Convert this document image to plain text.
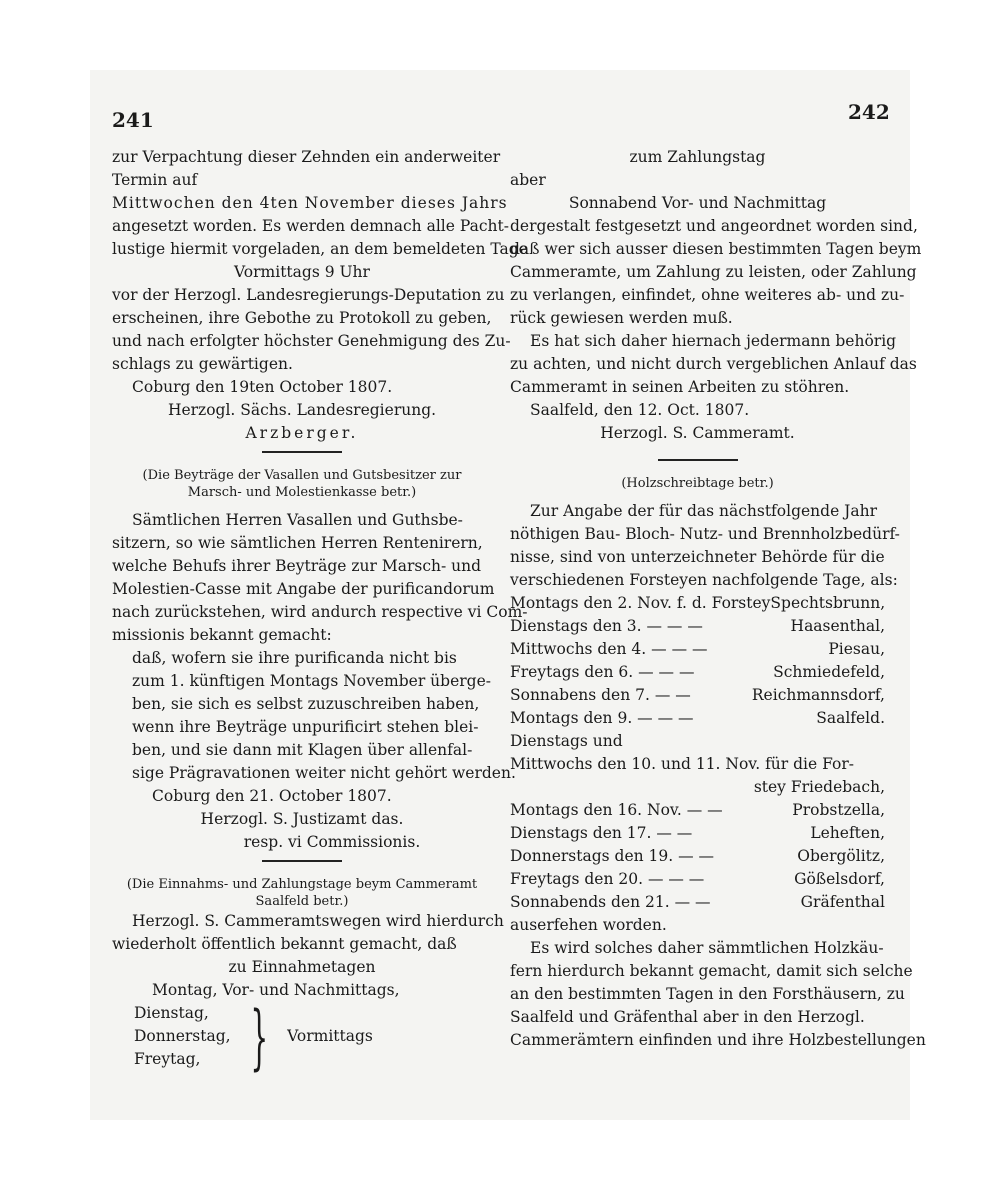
241	242
zur Verpachtung dieser Zehnden ein anderweiter
Termin auf
Mittwochen den 4ten November dieses Jahrs
angesetzt worden. Es werden demnach alle Pacht-
lustige hiermit vorgeladen, an dem bemeldeten Tage
Vormittags 9 Uhr
vor der Herzogl. Landesregierungs-Deputation zu
erscheinen, ihre Gebothe zu Protokoll zu geben,
und nach erfolgter höchster Genehmigung des Zu-
schlags zu gewärtigen.
Coburg den 19ten October 1807.
Herzogl. Sächs. Landesregierung.
Arzberger.
(Die Beyträge der Vasallen und Gutsbesitzer zur
Marsch- und Molestienkasse betr.)
Sämtlichen Herren Vasallen und Guthsbe-
sitzern, so wie sämtlichen Herren Rentenirern,
welche Behufs ihrer Beyträge zur Marsch- und
Molestien-Casse mit Angabe der purificandorum
nach zurückstehen, wird andurch respective vi Com-
missionis bekannt gemacht:
daß, wofern sie ihre purificanda nicht bis
zum 1. künftigen Montags November überge-
ben, sie sich es selbst zuzuschreiben haben,
wenn ihre Beyträge unpurificirt stehen blei-
ben, und sie dann mit Klagen über allenfal-
sige Prägravationen weiter nicht gehört werden.
Coburg den 21. October 1807.
Herzogl. S. Justizamt das.
resp. vi Commissionis.
(Die Einnahms- und Zahlungstage beym Cammeramt
Saalfeld betr.)
Herzogl. S. Cammeramtswegen wird hierdurch
wiederholt öffentlich bekannt gemacht, daß
zu Einnahmetagen
Montag, Vor- und Nachmittags,
Dienstag,
Donnerstag,
Freytag, } Vormittags
zum Zahlungstag
aber
Sonnabend Vor- und Nachmittag
dergestalt festgesetzt und angeordnet worden sind,
daß wer sich ausser diesen bestimmten Tagen beym
Cammeramte, um Zahlung zu leisten, oder Zahlung
zu verlangen, einfindet, ohne weiteres ab- und zu-
rück gewiesen werden muß.
Es hat sich daher hiernach jedermann behörig
zu achten, und nicht durch vergeblichen Anlauf das
Cammeramt in seinen Arbeiten zu stöhren.
Saalfeld, den 12. Oct. 1807.
Herzogl. S. Cammeramt.
(Holzschreibtage betr.)
Zur Angabe der für das nächstfolgende Jahr
nöthigen Bau- Bloch- Nutz- und Brennholzbedürf-
nisse, sind von unterzeichneter Behörde für die
verschiedenen Forsteyen nachfolgende Tage, als:
Montags den 2. Nov. f. d. Forstey Spechtsbrunn,
Dienstags den 3. — — —	Haasenthal,
Mittwochs den 4. — — —	Piesau,
Freytags den 6. — — —	Schmiedefeld,
Sonnabens den 7. — —	Reichmannsdorf,
Montags den 9. — — —	Saalfeld.
Dienstags und
Mittwochs den 10. und 11. Nov. für die For-
stey Friedebach,
Montags den 16. Nov. — —	Probstzella,
Dienstags den 17. — —	Leheften,
Donnerstags den 19. — —	Obergölitz,
Freytags den 20. — — —	Gößelsdorf,
Sonnabends den 21. — —	Gräfenthal
auserfehen worden.
Es wird solches daher sämmtlichen Holzkäu-
fern hierdurch bekannt gemacht, damit sich selche
an den bestimmten Tagen in den Forsthäusern, zu
Saalfeld und Gräfenthal aber in den Herzogl.
Cammerämtern einfinden und ihre Holzbestellungen
